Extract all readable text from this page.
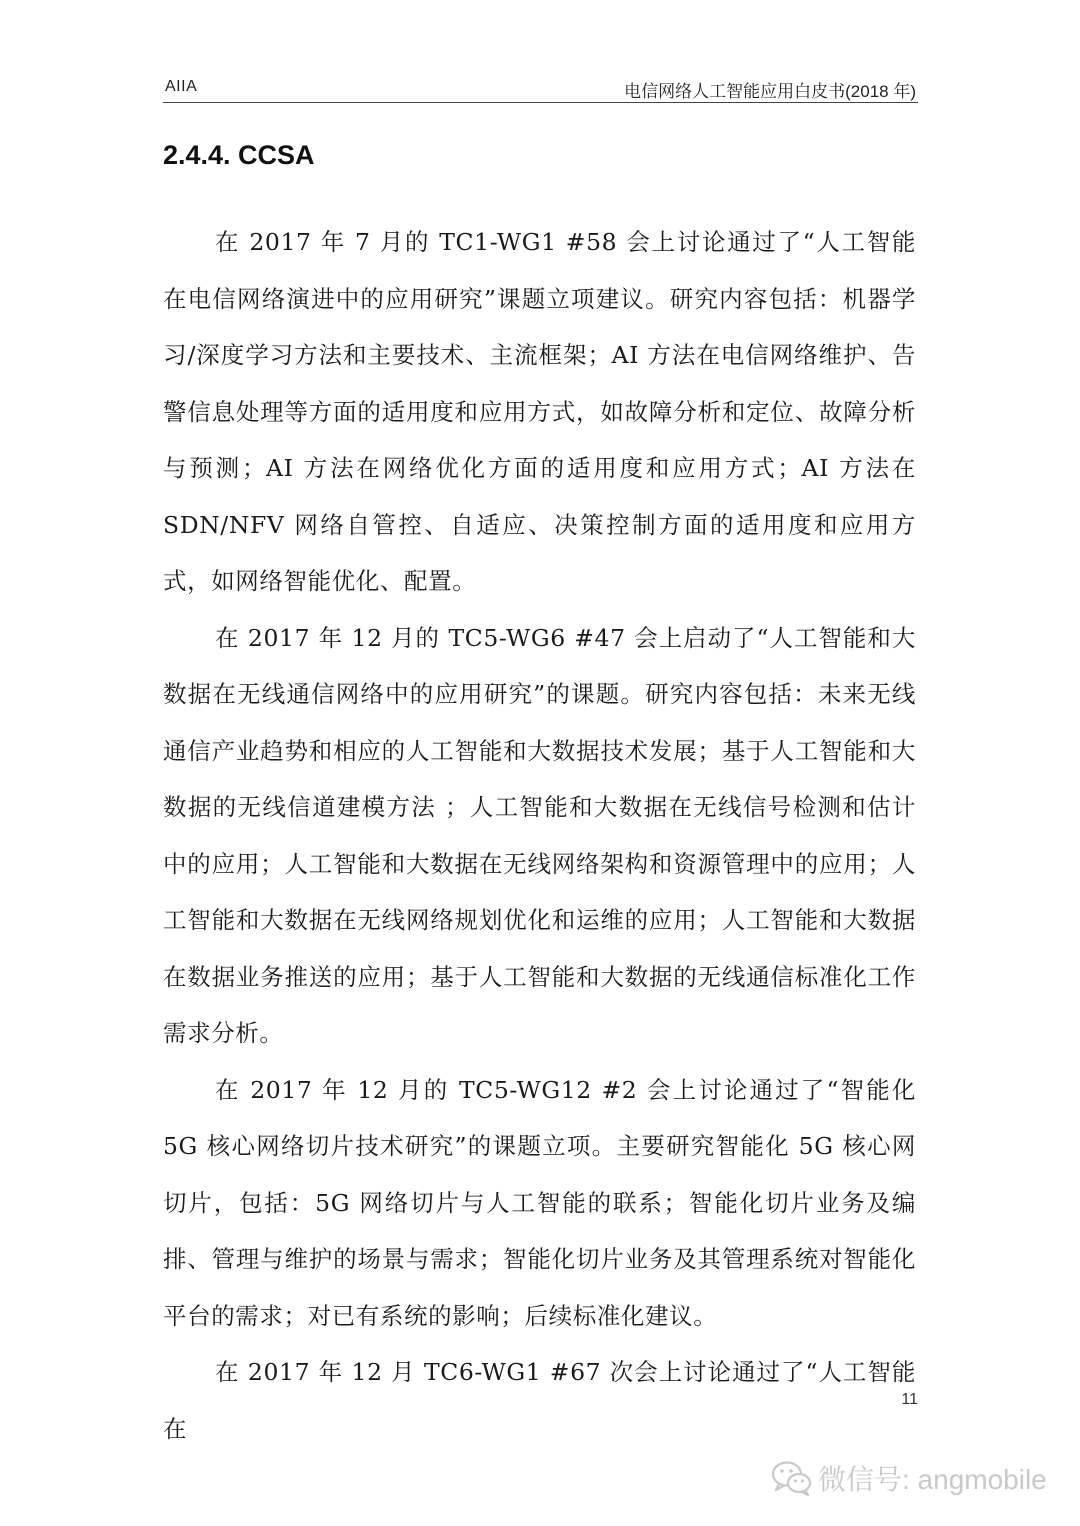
AIIA	电信网络人工智能应用白皮书(2018 年)
2.4.4. CCSA

在 2017 年 7 月的 TC1-WG1 #58 会上讨论通过了“人工智能在电信网络演进中的应用研究”课题立项建议。研究内容包括：机器学习/深度学习方法和主要技术、主流框架；AI 方法在电信网络维护、告警信息处理等方面的适用度和应用方式，如故障分析和定位、故障分析与预测；AI 方法在网络优化方面的适用度和应用方式；AI 方法在 SDN/NFV 网络自管控、自适应、决策控制方面的适用度和应用方式，如网络智能优化、配置。

在 2017 年 12 月的 TC5-WG6 #47 会上启动了“人工智能和大数据在无线通信网络中的应用研究”的课题。研究内容包括：未来无线通信产业趋势和相应的人工智能和大数据技术发展；基于人工智能和大数据的无线信道建模方法 ；人工智能和大数据在无线信号检测和估计中的应用；人工智能和大数据在无线网络架构和资源管理中的应用；人工智能和大数据在无线网络规划优化和运维的应用；人工智能和大数据在数据业务推送的应用；基于人工智能和大数据的无线通信标准化工作需求分析。

在 2017 年 12 月的 TC5-WG12 #2 会上讨论通过了“智能化 5G 核心网络切片技术研究”的课题立项。主要研究智能化 5G 核心网切片，包括：5G 网络切片与人工智能的联系；智能化切片业务及编排、管理与维护的场景与需求；智能化切片业务及其管理系统对智能化平台的需求；对已有系统的影响；后续标准化建议。

在 2017 年 12 月 TC6-WG1 #67 次会上讨论通过了“人工智能在

11
微信号: angmobile
